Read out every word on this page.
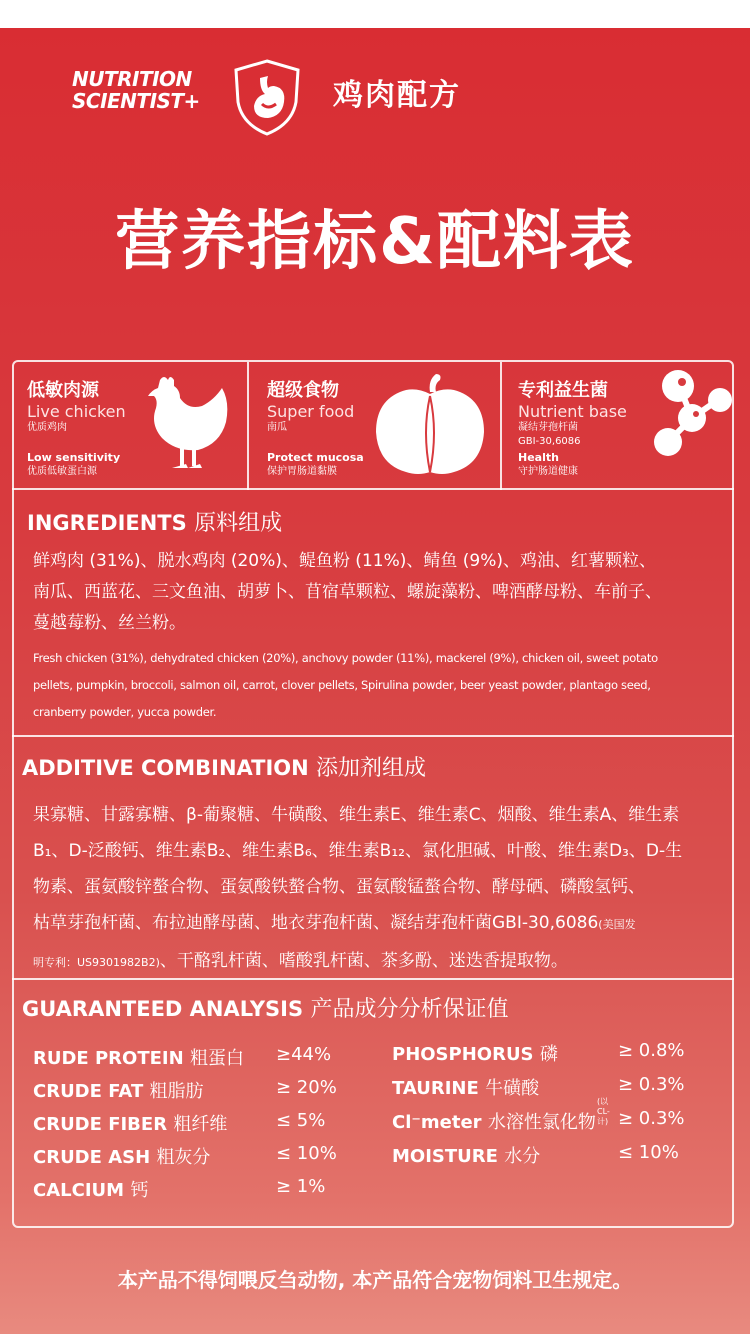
NUTRITION
SCIENTIST+	鸡肉配方
营养指标&配料表
低敏肉源
Live chicken
优质鸡肉
Low sensitivity
优质低敏蛋白源
超级食物
Super food
南瓜
Protect mucosa
保护胃肠道黏膜
专利益生菌
Nutrient base
凝结芽孢杆菌
GBI-30,6086
Health
守护肠道健康
INGREDIENTS 原料组成
鲜鸡肉 (31%)、脱水鸡肉 (20%)、鳀鱼粉 (11%)、鲭鱼 (9%)、鸡油、红薯颗粒、
南瓜、西蓝花、三文鱼油、胡萝卜、苜宿草颗粒、螺旋藻粉、啤酒酵母粉、车前子、
蔓越莓粉、丝兰粉。
Fresh chicken (31%), dehydrated chicken (20%), anchovy powder (11%), mackerel (9%), chicken oil, sweet potato
pellets, pumpkin, broccoli, salmon oil, carrot, clover pellets, Spirulina powder, beer yeast powder, plantago seed,
cranberry powder, yucca powder.
ADDITIVE COMBINATION 添加剂组成
果寡糖、甘露寡糖、β-葡聚糖、牛磺酸、维生素E、维生素C、烟酸、维生素A、维生素
B₁、D-泛酸钙、维生素B₂、维生素B₆、维生素B₁₂、氯化胆碱、叶酸、维生素D₃、D-生
物素、蛋氨酸锌螯合物、蛋氨酸铁螯合物、蛋氨酸锰螯合物、酵母硒、磷酸氢钙、
枯草芽孢杆菌、布拉迪酵母菌、地衣芽孢杆菌、凝结芽孢杆菌GBI-30,6086(美国发
明专利：US9301982B2)、干酪乳杆菌、嗜酸乳杆菌、茶多酚、迷迭香提取物。
GUARANTEED ANALYSIS 产品成分分析保证值
RUDE PROTEIN 粗蛋白
CRUDE FAT 粗脂肪
CRUDE FIBER 粗纤维
CRUDE ASH 粗灰分
CALCIUM 钙
≥44%
≥ 20%
≤ 5%
≤ 10%
≥ 1%
PHOSPHORUS 磷
TAURINE 牛磺酸
Cl⁻meter 水溶性氯化物
(以CL-计)
MOISTURE 水分
≥ 0.8%
≥ 0.3%
≥ 0.3%
≤ 10%
本产品不得饲喂反刍动物, 本产品符合宠物饲料卫生规定。
